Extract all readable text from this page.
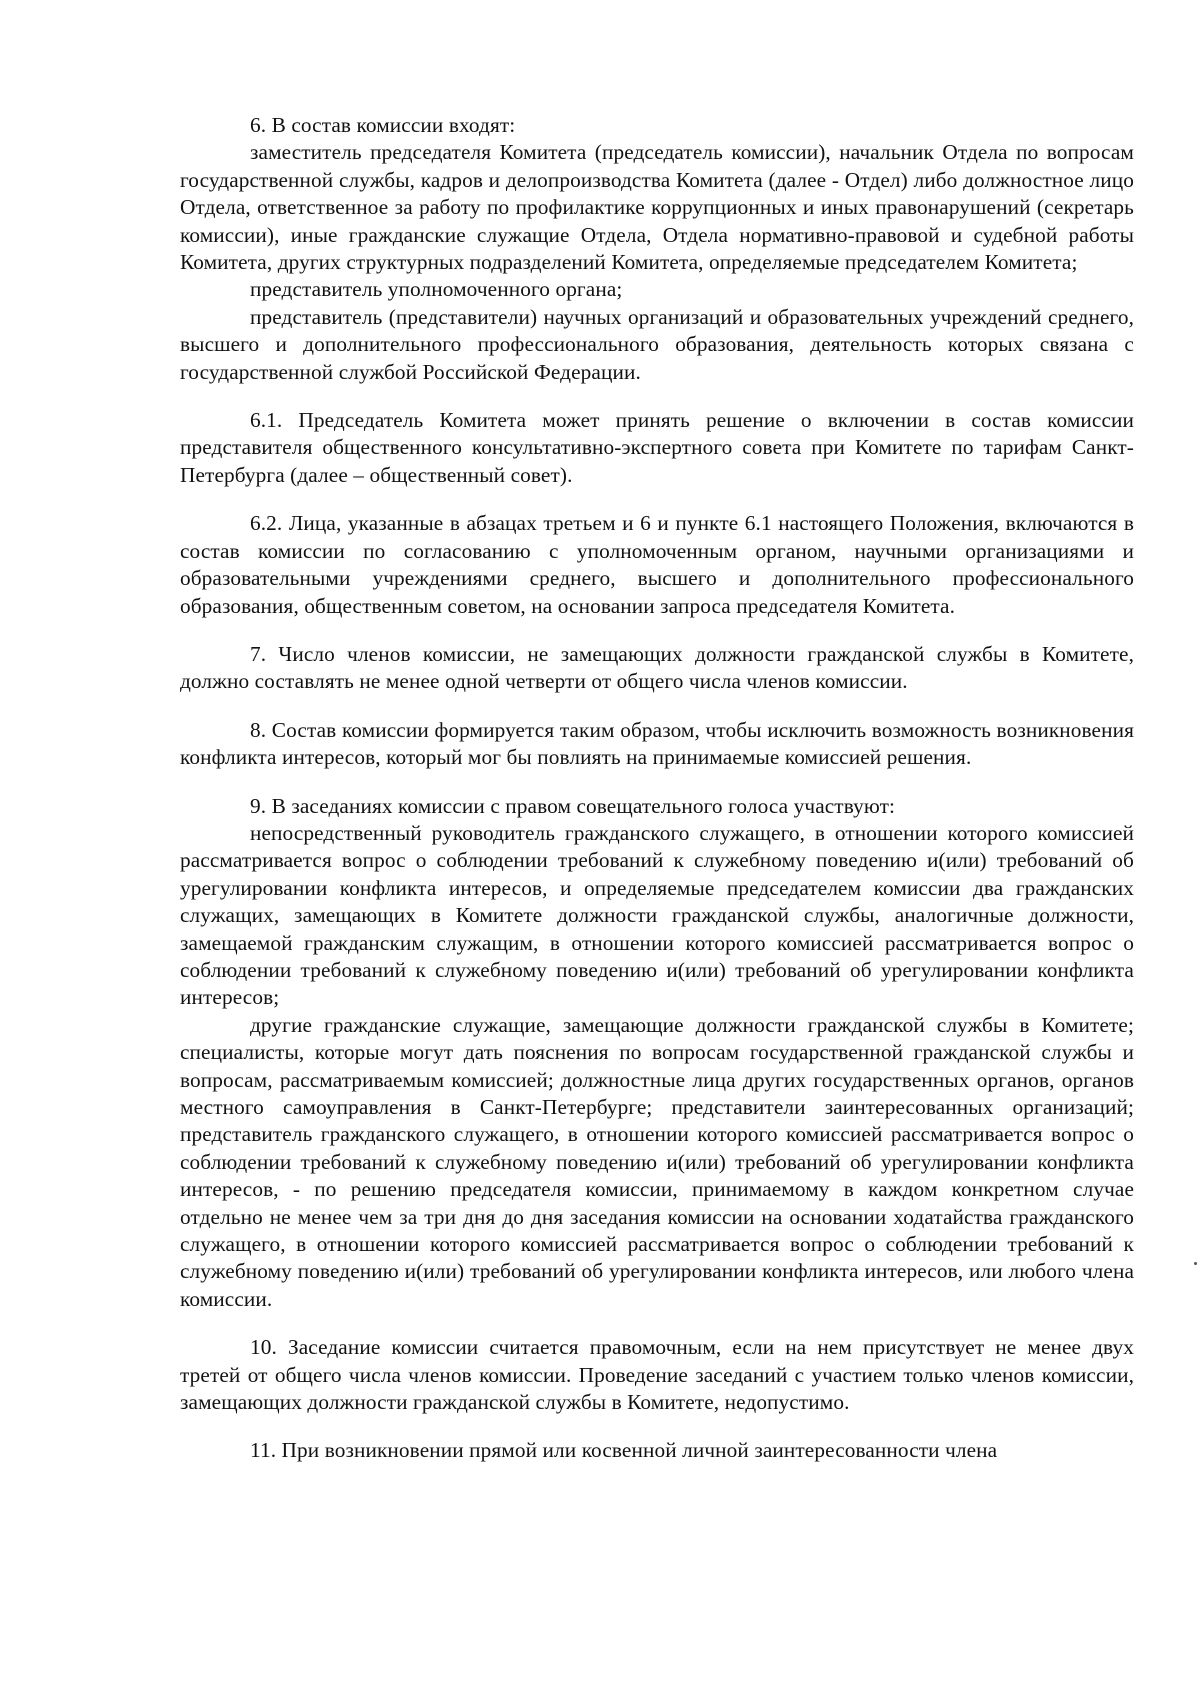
6. В состав комиссии входят:

заместитель председателя Комитета (председатель комиссии), начальник Отдела по вопросам государственной службы, кадров и делопроизводства Комитета (далее - Отдел) либо должностное лицо Отдела, ответственное за работу по профилактике коррупционных и иных правонарушений (секретарь комиссии), иные гражданские служащие Отдела, Отдела нормативно-правовой и судебной работы Комитета, других структурных подразделений Комитета, определяемые председателем Комитета;

представитель уполномоченного органа;

представитель (представители) научных организаций и образовательных учреждений среднего, высшего и дополнительного профессионального образования, деятельность которых связана с государственной службой Российской Федерации.

6.1. Председатель Комитета может принять решение о включении в состав комиссии представителя общественного консультативно-экспертного совета при Комитете по тарифам Санкт-Петербурга (далее – общественный совет).

6.2. Лица, указанные в абзацах третьем и 6 и пункте 6.1 настоящего Положения, включаются в состав комиссии по согласованию с уполномоченным органом, научными организациями и образовательными учреждениями среднего, высшего и дополнительного профессионального образования, общественным советом, на основании запроса председателя Комитета.

7. Число членов комиссии, не замещающих должности гражданской службы в Комитете, должно составлять не менее одной четверти от общего числа членов комиссии.

8. Состав комиссии формируется таким образом, чтобы исключить возможность возникновения конфликта интересов, который мог бы повлиять на принимаемые комиссией решения.

9. В заседаниях комиссии с правом совещательного голоса участвуют:

непосредственный руководитель гражданского служащего, в отношении которого комиссией рассматривается вопрос о соблюдении требований к служебному поведению и(или) требований об урегулировании конфликта интересов, и определяемые председателем комиссии два гражданских служащих, замещающих в Комитете должности гражданской службы, аналогичные должности, замещаемой гражданским служащим, в отношении которого комиссией рассматривается вопрос о соблюдении требований к служебному поведению и(или) требований об урегулировании конфликта интересов;

другие гражданские служащие, замещающие должности гражданской службы в Комитете; специалисты, которые могут дать пояснения по вопросам государственной гражданской службы и вопросам, рассматриваемым комиссией; должностные лица других государственных органов, органов местного самоуправления в Санкт-Петербурге; представители заинтересованных организаций; представитель гражданского служащего, в отношении которого комиссией рассматривается вопрос о соблюдении требований к служебному поведению и(или) требований об урегулировании конфликта интересов, - по решению председателя комиссии, принимаемому в каждом конкретном случае отдельно не менее чем за три дня до дня заседания комиссии на основании ходатайства гражданского служащего, в отношении которого комиссией рассматривается вопрос о соблюдении требований к служебному поведению и(или) требований об урегулировании конфликта интересов, или любого члена комиссии.

10. Заседание комиссии считается правомочным, если на нем присутствует не менее двух третей от общего числа членов комиссии. Проведение заседаний с участием только членов комиссии, замещающих должности гражданской службы в Комитете, недопустимо.

11. При возникновении прямой или косвенной личной заинтересованности члена
